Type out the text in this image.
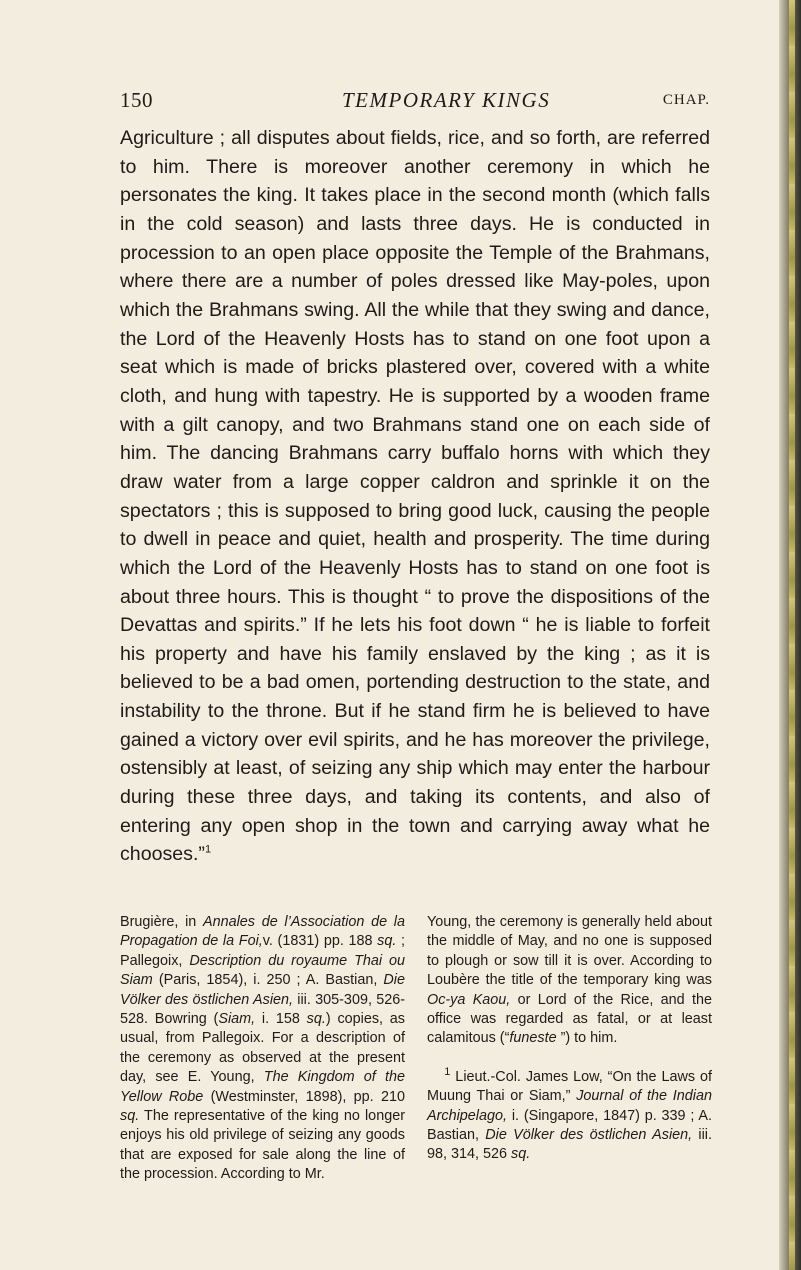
150	TEMPORARY KINGS	CHAP.

Agriculture ; all disputes about fields, rice, and so forth, are referred to him. There is moreover another ceremony in which he personates the king. It takes place in the second month (which falls in the cold season) and lasts three days. He is conducted in procession to an open place opposite the Temple of the Brahmans, where there are a number of poles dressed like May-poles, upon which the Brahmans swing. All the while that they swing and dance, the Lord of the Heavenly Hosts has to stand on one foot upon a seat which is made of bricks plastered over, covered with a white cloth, and hung with tapestry. He is supported by a wooden frame with a gilt canopy, and two Brahmans stand one on each side of him. The dancing Brahmans carry buffalo horns with which they draw water from a large copper caldron and sprinkle it on the spectators ; this is supposed to bring good luck, causing the people to dwell in peace and quiet, health and prosperity. The time during which the Lord of the Heavenly Hosts has to stand on one foot is about three hours. This is thought “ to prove the dispositions of the Devattas and spirits.” If he lets his foot down “ he is liable to forfeit his property and have his family enslaved by the king ; as it is believed to be a bad omen, portending destruction to the state, and instability to the throne. But if he stand firm he is believed to have gained a victory over evil spirits, and he has moreover the privilege, ostensibly at least, of seizing any ship which may enter the harbour during these three days, and taking its contents, and also of entering any open shop in the town and carrying away what he chooses.”$^1$

Brugière, in Annales de l’Association de la Propagation de la Foi,v. (1831) pp. 188 sq. ; Pallegoix, Description du royaume Thai ou Siam (Paris, 1854), i. 250 ; A. Bastian, Die Völker des östlichen Asien, iii. 305-309, 526-528. Bowring (Siam, i. 158 sq.) copies, as usual, from Pallegoix. For a description of the ceremony as observed at the present day, see E. Young, The Kingdom of the Yellow Robe (Westminster, 1898), pp. 210 sq. The representative of the king no longer enjoys his old privilege of seizing any goods that are exposed for sale along the line of the procession. According to Mr.

Young, the ceremony is generally held about the middle of May, and no one is supposed to plough or sow till it is over. According to Loubère the title of the temporary king was Oc-ya Kaou, or Lord of the Rice, and the office was regarded as fatal, or at least calamitous (“funeste ”) to him.

$^1$ Lieut.-Col. James Low, “On the Laws of Muung Thai or Siam,” Journal of the Indian Archipelago, i. (Singapore, 1847) p. 339 ; A. Bastian, Die Völker des östlichen Asien, iii. 98, 314, 526 sq.
